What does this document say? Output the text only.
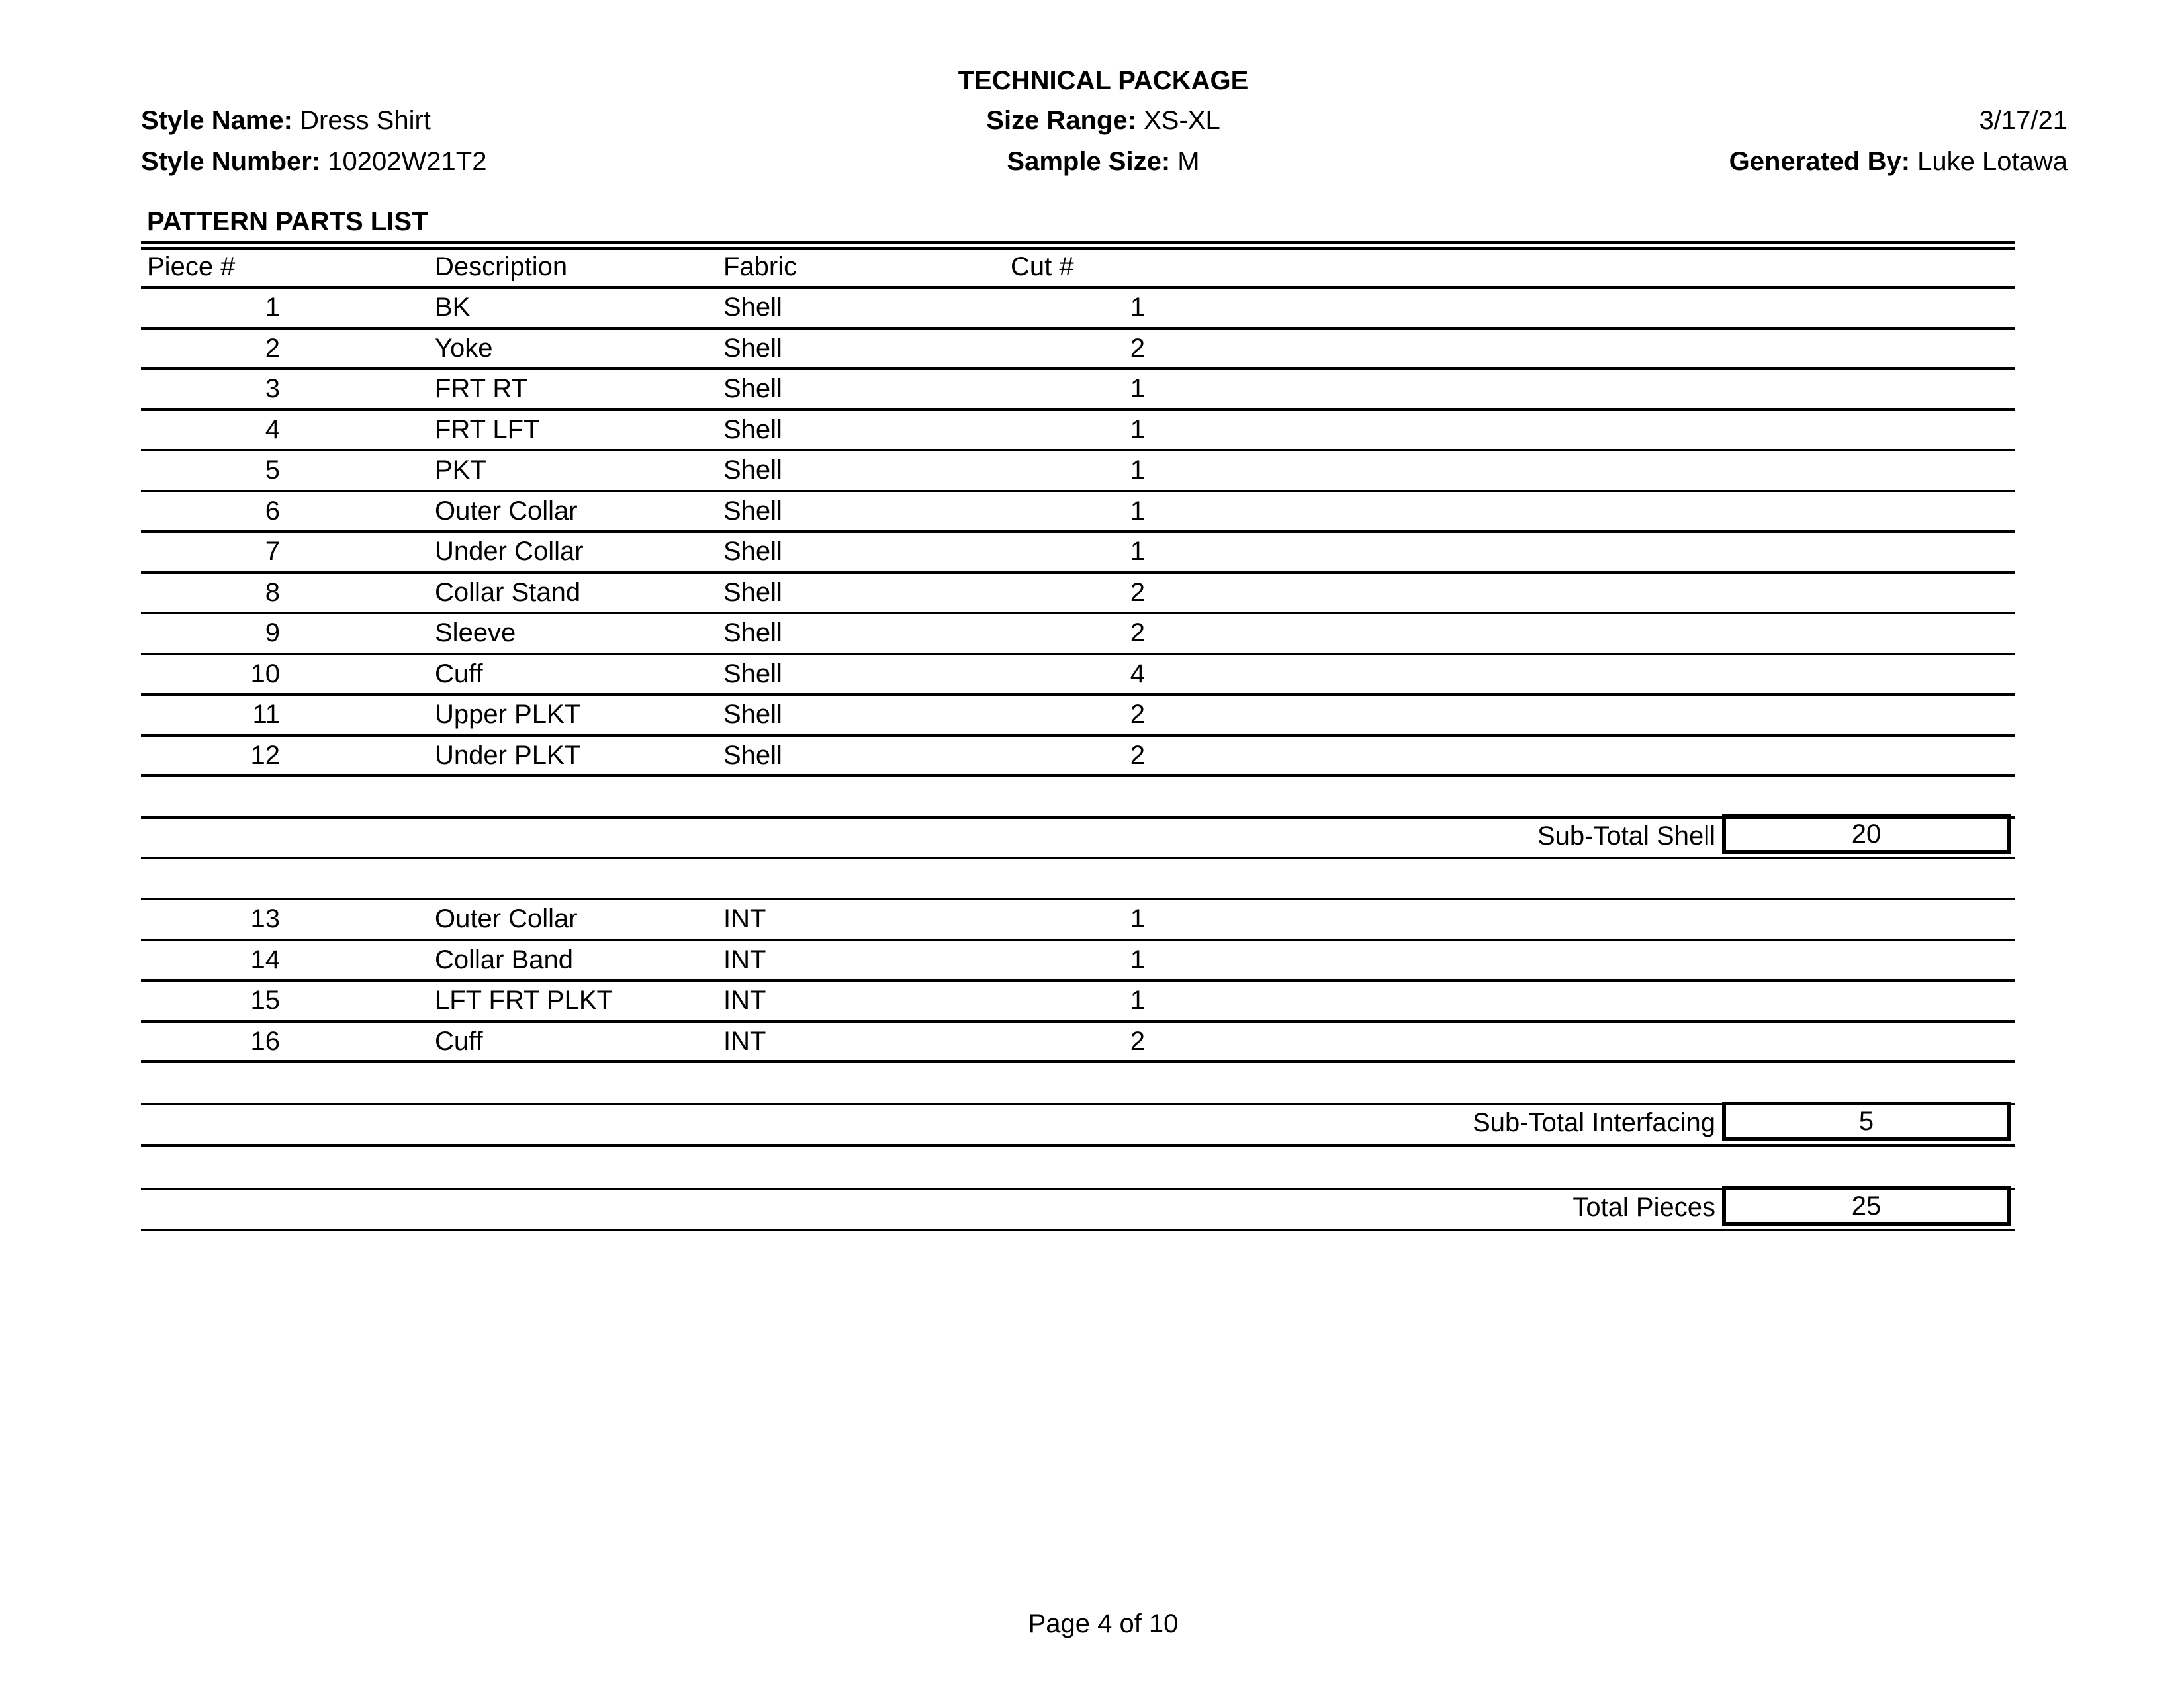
TECHNICAL PACKAGE
Style Name: Dress Shirt
Style Number: 10202W21T2
Size Range: XS-XL
Sample Size: M
3/17/21
Generated By: Luke Lotawa
PATTERN PARTS LIST
Piece #	Description	Fabric	Cut #
1	BK	Shell	1
2	Yoke	Shell	2
3	FRT RT	Shell	1
4	FRT LFT	Shell	1
5	PKT	Shell	1
6	Outer Collar	Shell	1
7	Under Collar	Shell	1
8	Collar Stand	Shell	2
9	Sleeve	Shell	2
10	Cuff	Shell	4
11	Upper PLKT	Shell	2
12	Under PLKT	Shell	2
Sub-Total Shell	20
13	Outer Collar	INT	1
14	Collar Band	INT	1
15	LFT FRT PLKT	INT	1
16	Cuff	INT	2
Sub-Total Interfacing	5
Total Pieces	25
Page 4 of 10
